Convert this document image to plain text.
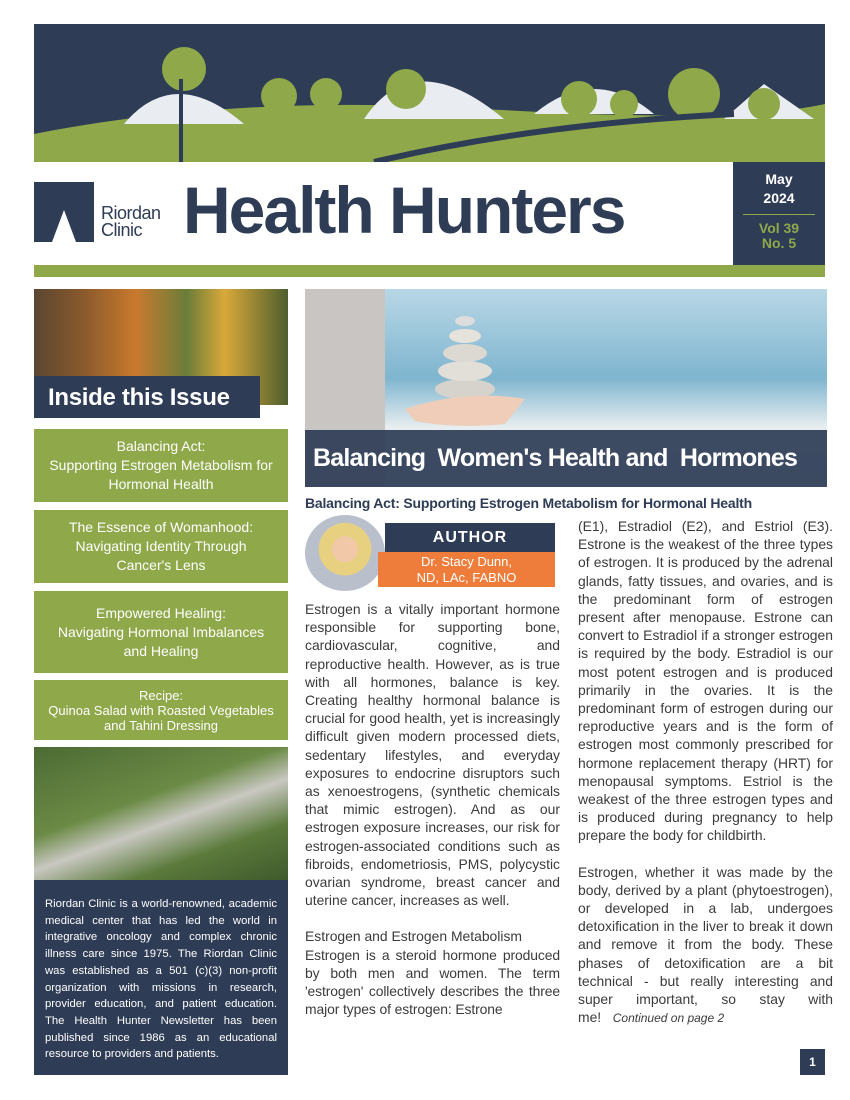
Riordan
Clinic Health Hunters	May
2024
Vol 39
No. 5
Inside this Issue
Balancing Act:
Supporting Estrogen Metabolism for Hormonal Health
The Essence of Womanhood:
Navigating Identity Through Cancer's Lens
Empowered Healing:
Navigating Hormonal Imbalances and Healing
Recipe:
Quinoa Salad with Roasted Vegetables and Tahini Dressing
Riordan Clinic is a world-renowned, academic medical center that has led the world in integrative oncology and complex chronic illness care since 1975. The Riordan Clinic was established as a 501 (c)(3) non-profit organization with missions in research, provider education, and patient education. The Health Hunter Newsletter has been published since 1986 as an educational resource to providers and patients.
Balancing  Women's Health and  Hormones
Balancing Act: Supporting Estrogen Metabolism for Hormonal Health
AUTHOR
Dr. Stacy Dunn,
ND, LAc, FABNO

Estrogen is a vitally important hormone responsible for supporting bone, cardiovascular, cognitive, and reproductive health. However, as is true with all hormones, balance is key. Creating healthy hormonal balance is crucial for good health, yet is increasingly difficult given modern processed diets, sedentary lifestyles, and everyday exposures to endocrine disruptors such as xenoestrogens, (synthetic chemicals that mimic estrogen). And as our estrogen exposure increases, our risk for estrogen-associated conditions such as fibroids, endometriosis, PMS, polycystic ovarian syndrome, breast cancer and uterine cancer, increases as well.

Estrogen and Estrogen Metabolism

Estrogen is a steroid hormone produced by both men and women. The term 'estrogen' collectively describes the three major types of estrogen: Estrone

(E1), Estradiol (E2), and Estriol (E3). Estrone is the weakest of the three types of estrogen. It is produced by the adrenal glands, fatty tissues, and ovaries, and is the predominant form of estrogen present after menopause. Estrone can convert to Estradiol if a stronger estrogen is required by the body. Estradiol is our most potent estrogen and is produced primarily in the ovaries. It is the predominant form of estrogen during our reproductive years and is the form of estrogen most commonly prescribed for hormone replacement therapy (HRT) for menopausal symptoms. Estriol is the weakest of the three estrogen types and is produced during pregnancy to help prepare the body for childbirth.

Estrogen, whether it was made by the body, derived by a plant (phytoestrogen), or developed in a lab, undergoes detoxification in the liver to break it down and remove it from the body. These phases of detoxification are a bit technical - but really interesting and super important, so stay with me! Continued on page 2

1
